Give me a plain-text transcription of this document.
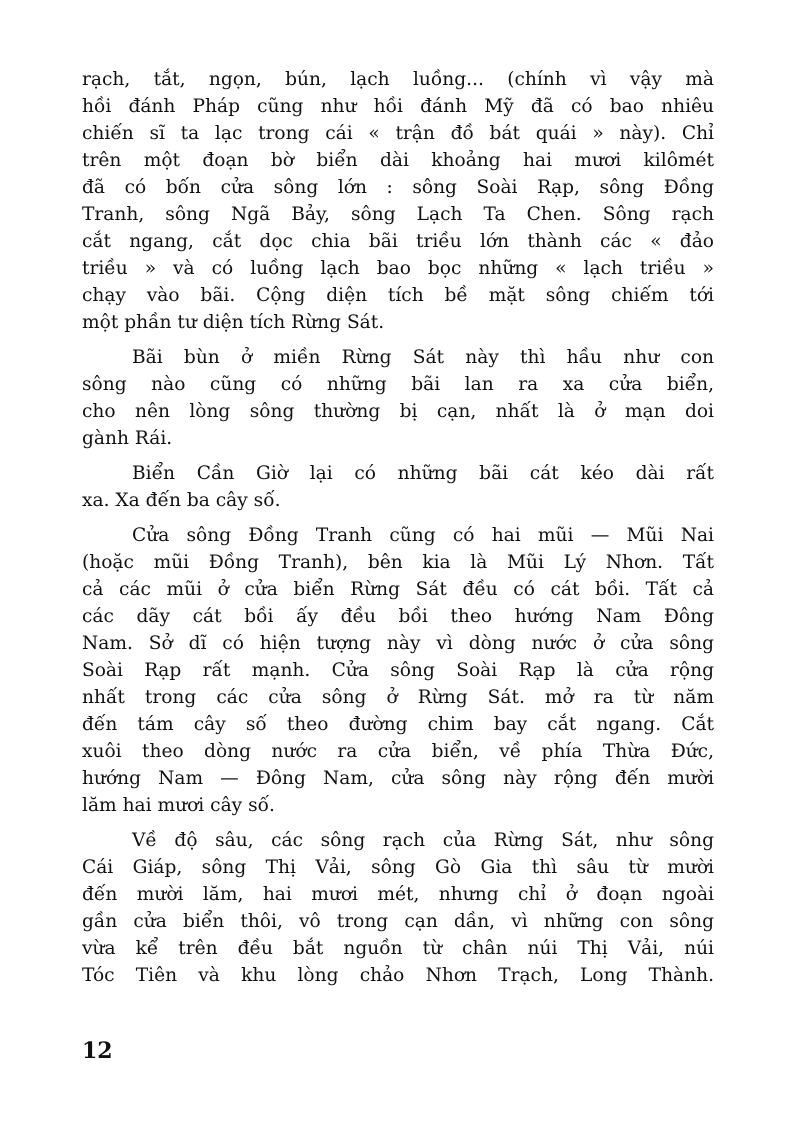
rạch, tắt, ngọn, bún, lạch luồng... (chính vì vậy mà
hồi đánh Pháp cũng như hồi đánh Mỹ đã có bao nhiêu
chiến sĩ ta lạc trong cái « trận đồ bát quái » này). Chỉ
trên một đoạn bờ biển dài khoảng hai mươi kilômét
đã có bốn cửa sông lớn : sông Soài Rạp, sông Đồng
Tranh, sông Ngã Bảy, sông Lạch Ta Chen. Sông rạch
cắt ngang, cắt dọc chia bãi triều lớn thành các « đảo
triều » và có luồng lạch bao bọc những « lạch triều »
chạy vào bãi. Cộng diện tích bề mặt sông chiếm tới
một phần tư diện tích Rừng Sát.
Bãi bùn ở miền Rừng Sát này thì hầu như con
sông nào cũng có những bãi lan ra xa cửa biển,
cho nên lòng sông thường bị cạn, nhất là ở mạn doi
gành Rái.
Biển Cần Giờ lại có những bãi cát kéo dài rất
xa. Xa đến ba cây số.
Cửa sông Đồng Tranh cũng có hai mũi — Mũi Nai
(hoặc mũi Đồng Tranh), bên kia là Mũi Lý Nhơn. Tất
cả các mũi ở cửa biển Rừng Sát đều có cát bồi. Tất cả
các dãy cát bồi ấy đều bồi theo hướng Nam Đông
Nam. Sở dĩ có hiện tượng này vì dòng nước ở cửa sông
Soài Rạp rất mạnh. Cửa sông Soài Rạp là cửa rộng
nhất trong các cửa sông ở Rừng Sát. mở ra từ năm
đến tám cây số theo đường chim bay cắt ngang. Cắt
xuôi theo dòng nước ra cửa biển, về phía Thừa Đức,
hướng Nam — Đông Nam, cửa sông này rộng đến mười
lăm hai mươi cây số.
Về độ sâu, các sông rạch của Rừng Sát, như sông
Cái Giáp, sông Thị Vải, sông Gò Gia thì sâu từ mười
đến mười lăm, hai mươi mét, nhưng chỉ ở đoạn ngoài
gần cửa biển thôi, vô trong cạn dần, vì những con sông
vừa kể trên đều bắt nguồn từ chân núi Thị Vải, núi
Tóc Tiên và khu lòng chảo Nhơn Trạch, Long Thành.
12
